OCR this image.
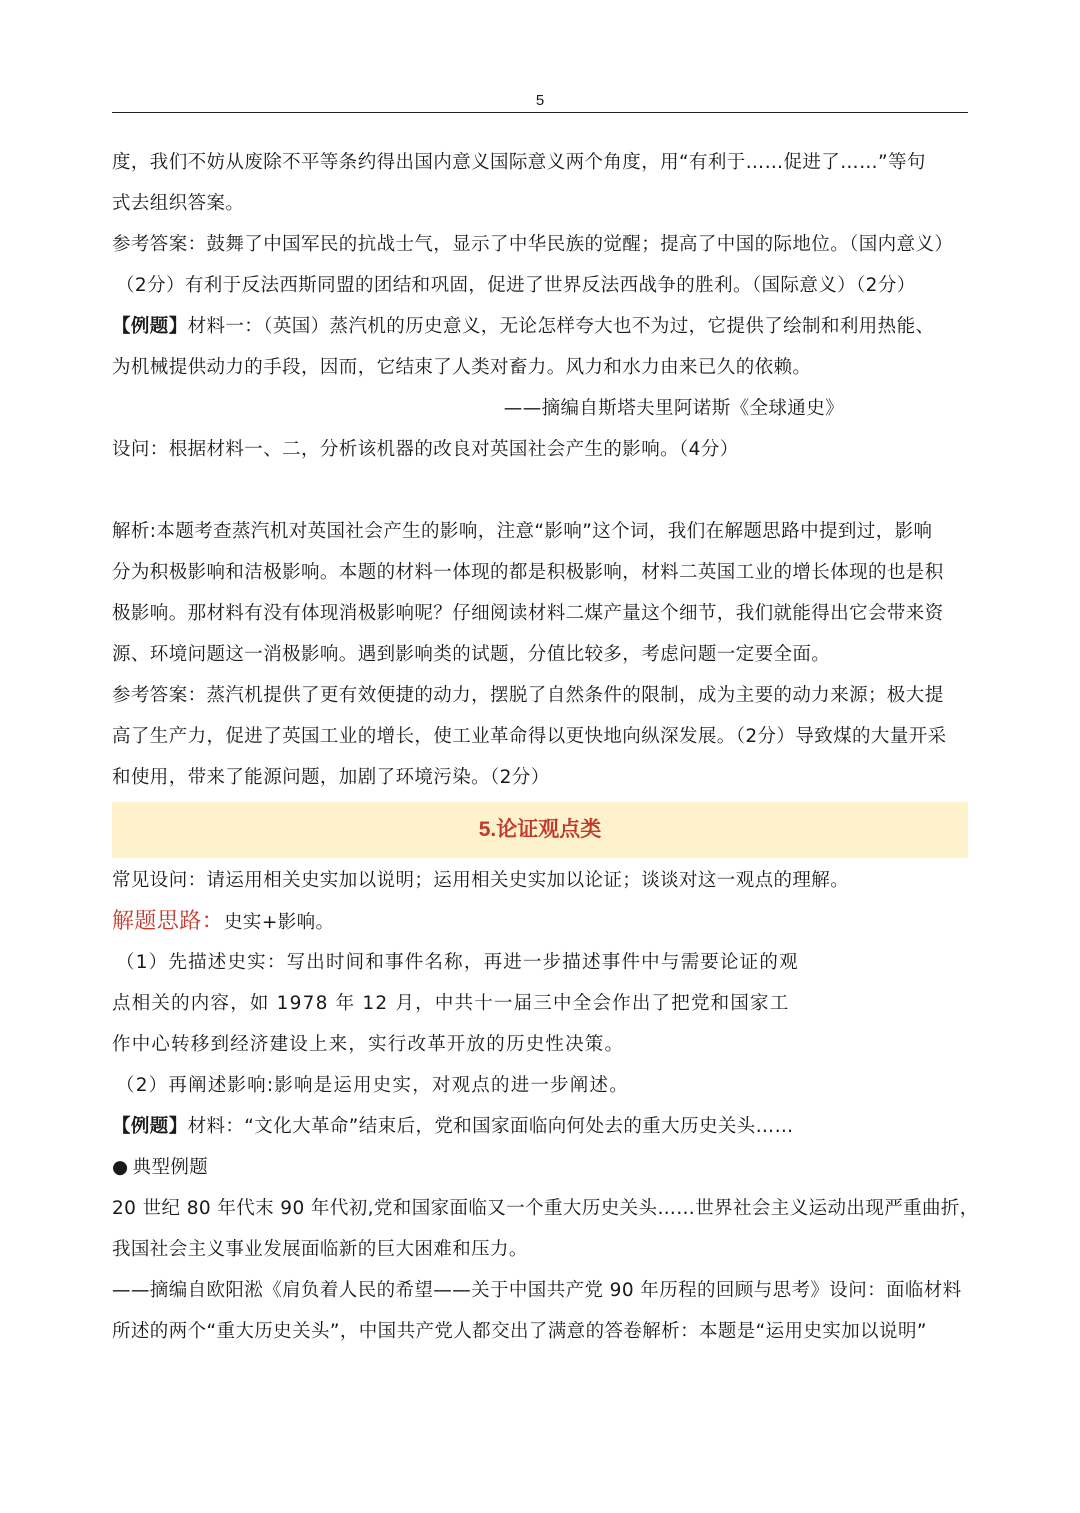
5
度，我们不妨从废除不平等条约得出国内意义国际意义两个角度，用“有利于……促进了……”等句
式去组织答案。
参考答案：鼓舞了中国军民的抗战士气，显示了中华民族的觉醒；提高了中国的际地位。（国内意义）
（2分）有利于反法西斯同盟的团结和巩固，促进了世界反法西战争的胜利。（国际意义）（2分）
【例题】材料一：（英国）蒸汽机的历史意义，无论怎样夸大也不为过，它提供了绘制和利用热能、
为机械提供动力的手段，因而，它结束了人类对畜力。风力和水力由来已久的依赖。
——摘编自斯塔夫里阿诺斯《全球通史》
设问：根据材料一、二，分析该机器的改良对英国社会产生的影响。（4分）
解析:本题考查蒸汽机对英国社会产生的影响，注意“影响”这个词，我们在解题思路中提到过，影响
分为积极影响和洁极影响。本题的材料一体现的都是积极影响，材料二英国工业的增长体现的也是积
极影响。那材料有没有体现消极影响呢？仔细阅读材料二煤产量这个细节，我们就能得出它会带来资
源、环境问题这一消极影响。遇到影响类的试题，分值比较多，考虑问题一定要全面。
参考答案：蒸汽机提供了更有效便捷的动力，摆脱了自然条件的限制，成为主要的动力来源；极大提
高了生产力，促进了英国工业的增长，使工业革命得以更快地向纵深发展。（2分）导致煤的大量开采
和使用，带来了能源问题，加剧了环境污染。（2分）
5.论证观点类
常见设问：请运用相关史实加以说明；运用相关史实加以论证；谈谈对这一观点的理解。
解题思路：史实+影响。
（1）先描述史实：写出时间和事件名称，再进一步描述事件中与需要论证的观
点相关的内容，如 1978 年 12 月，中共十一届三中全会作出了把党和国家工
作中心转移到经济建设上来，实行改革开放的历史性决策。
（2）再阐述影响:影响是运用史实，对观点的进一步阐述。
【例题】材料：“文化大革命”结束后，党和国家面临向何处去的重大历史关头……
● 典型例题
20 世纪 80 年代末 90 年代初,党和国家面临又一个重大历史关头……世界社会主义运动出现严重曲折，
我国社会主义事业发展面临新的巨大困难和压力。
——摘编自欧阳淞《肩负着人民的希望——关于中国共产党 90 年历程的回顾与思考》设问：面临材料
所述的两个“重大历史关头”，中国共产党人都交出了满意的答卷解析：本题是“运用史实加以说明”
